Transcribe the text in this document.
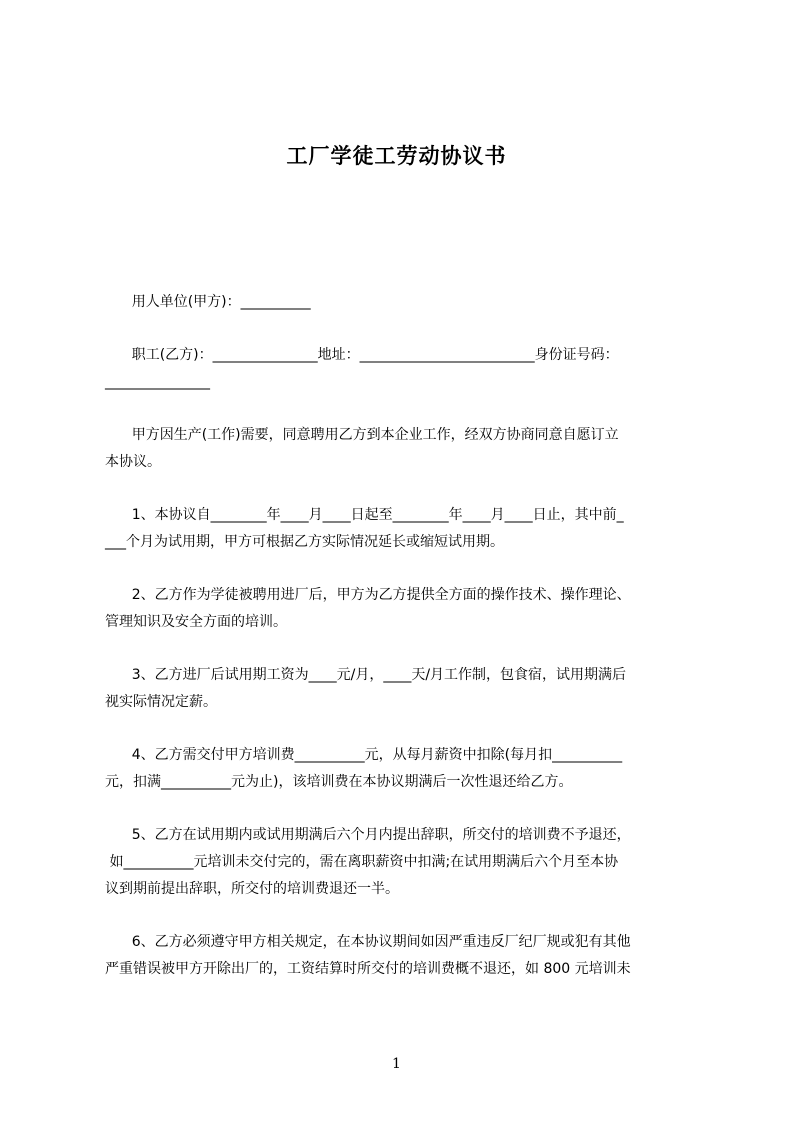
工厂学徒工劳动协议书
用人单位(甲方)：__________
职工(乙方)：_______________地址：_________________________身份证号码：
_______________
甲方因生产(工作)需要，同意聘用乙方到本企业工作，经双方协商同意自愿订立
本协议。
1、本协议自________年____月____日起至________年____月____日止，其中前_
___个月为试用期，甲方可根据乙方实际情况延长或缩短试用期。
2、乙方作为学徒被聘用进厂后，甲方为乙方提供全方面的操作技术、操作理论、
管理知识及安全方面的培训。
3、乙方进厂后试用期工资为____元/月，____天/月工作制，包食宿，试用期满后
视实际情况定薪。
4、乙方需交付甲方培训费__________元，从每月薪资中扣除(每月扣__________
元，扣满__________元为止)，该培训费在本协议期满后一次性退还给乙方。
5、乙方在试用期内或试用期满后六个月内提出辞职，所交付的培训费不予退还，
如__________元培训未交付完的，需在离职薪资中扣满;在试用期满后六个月至本协
议到期前提出辞职，所交付的培训费退还一半。
6、乙方必须遵守甲方相关规定，在本协议期间如因严重违反厂纪厂规或犯有其他
严重错误被甲方开除出厂的，工资结算时所交付的培训费概不退还，如 800 元培训未
1
